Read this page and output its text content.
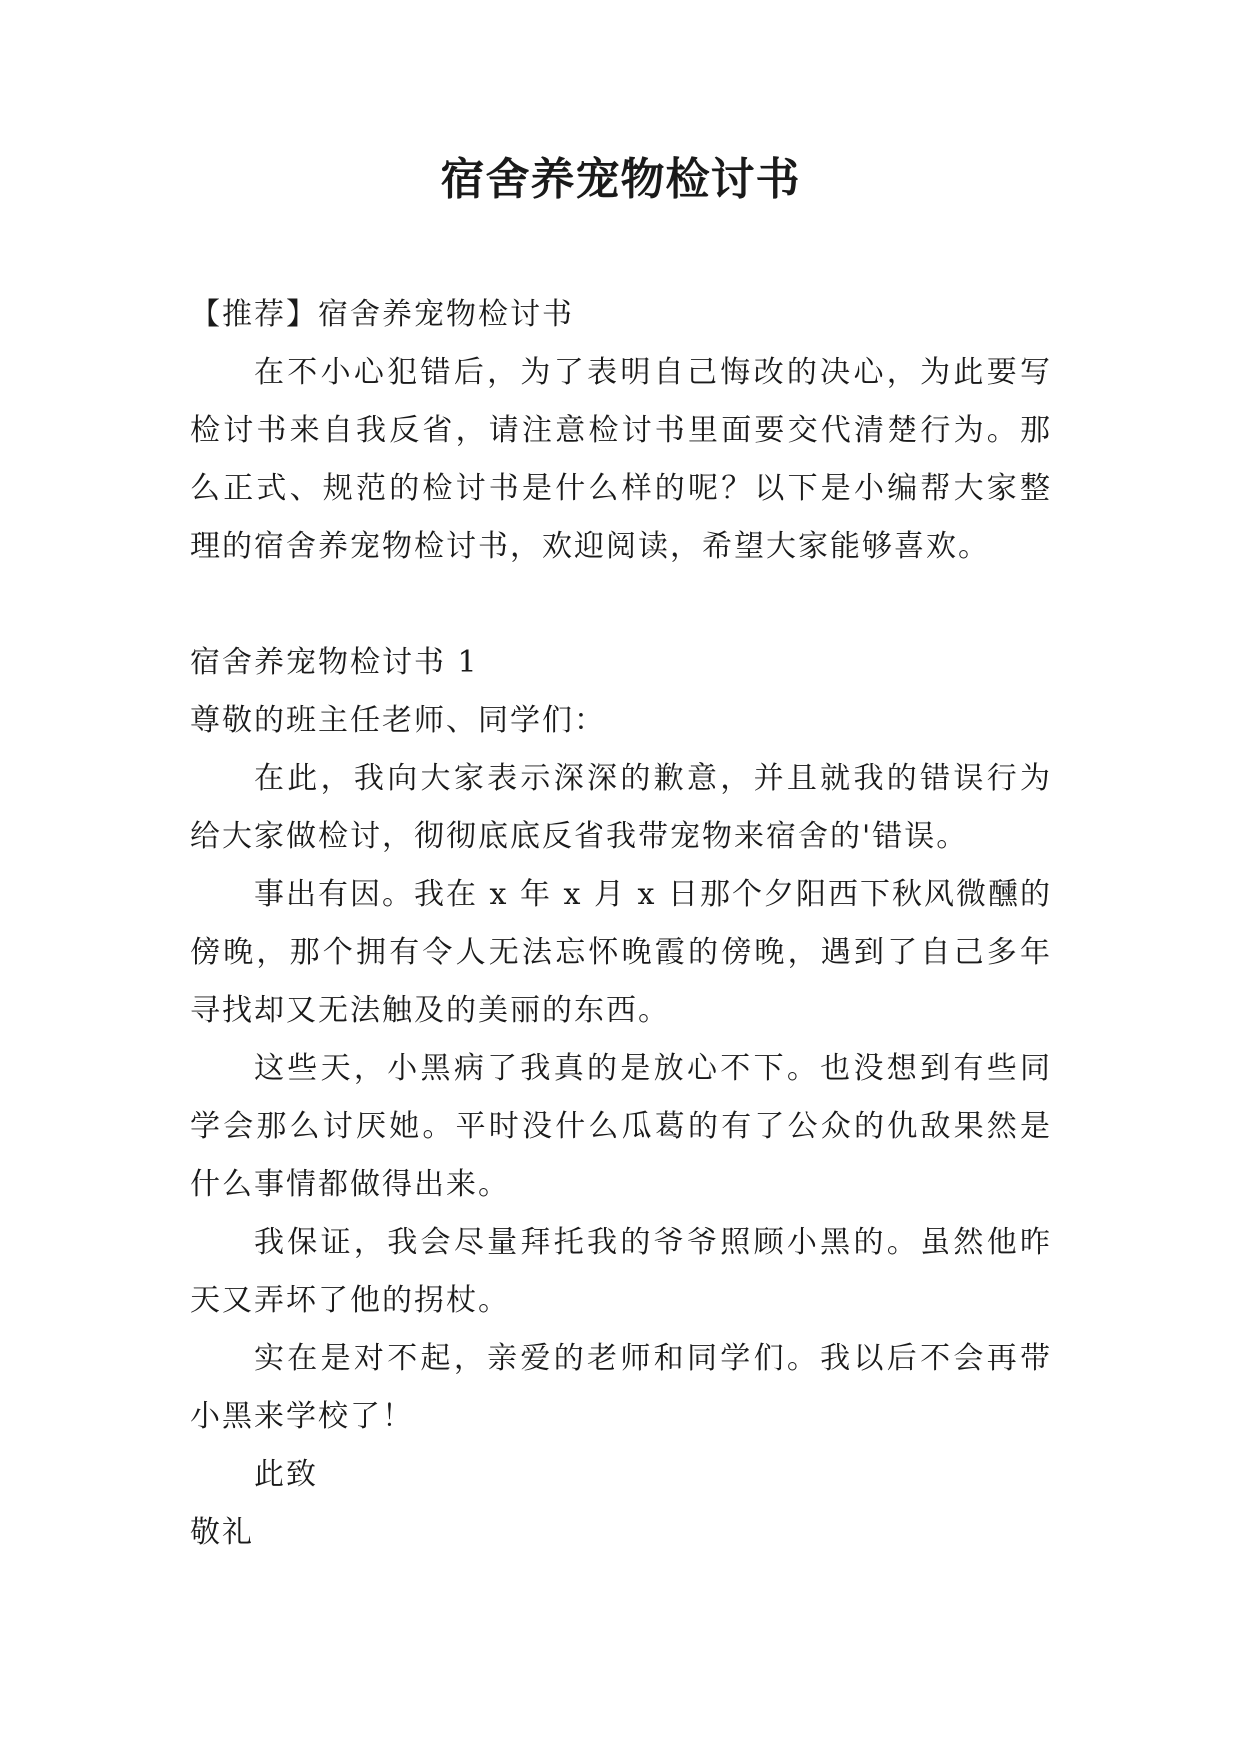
宿舍养宠物检讨书

【推荐】宿舍养宠物检讨书

在不小心犯错后，为了表明自己悔改的决心，为此要写检讨书来自我反省，请注意检讨书里面要交代清楚行为。那么正式、规范的检讨书是什么样的呢？以下是小编帮大家整理的宿舍养宠物检讨书，欢迎阅读，希望大家能够喜欢。

宿舍养宠物检讨书 1

尊敬的班主任老师、同学们：

在此，我向大家表示深深的歉意，并且就我的错误行为给大家做检讨，彻彻底底反省我带宠物来宿舍的'错误。

事出有因。我在 x 年 x 月 x 日那个夕阳西下秋风微醺的傍晚，那个拥有令人无法忘怀晚霞的傍晚，遇到了自己多年寻找却又无法触及的美丽的东西。

这些天，小黑病了我真的是放心不下。也没想到有些同学会那么讨厌她。平时没什么瓜葛的有了公众的仇敌果然是什么事情都做得出来。

我保证，我会尽量拜托我的爷爷照顾小黑的。虽然他昨天又弄坏了他的拐杖。

实在是对不起，亲爱的老师和同学们。我以后不会再带小黑来学校了！

此致

敬礼
